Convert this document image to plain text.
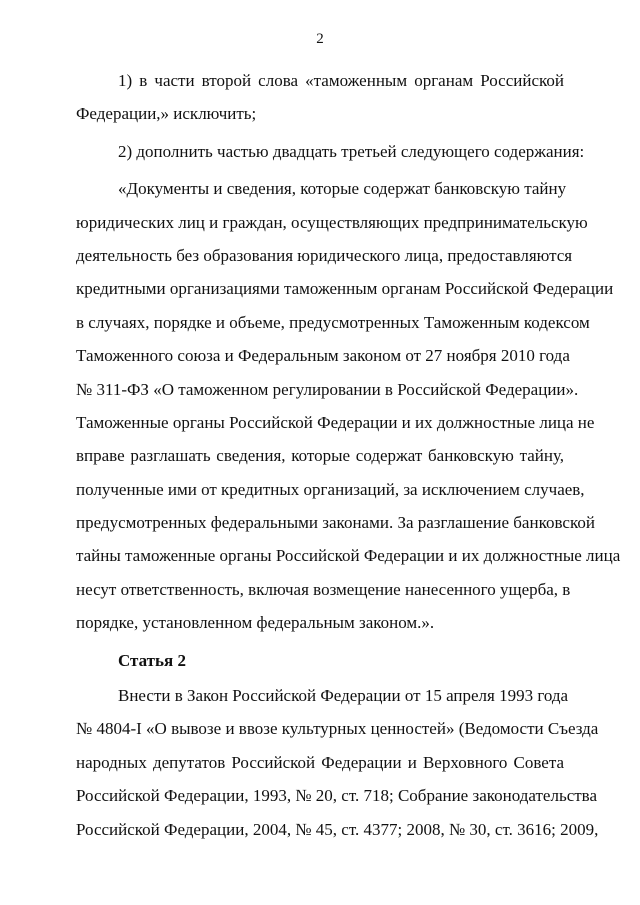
2
1) в части второй слова «таможенным органам Российской
Федерации,» исключить;
2) дополнить частью двадцать третьей следующего содержания:
«Документы и сведения, которые содержат банковскую тайну
юридических лиц и граждан, осуществляющих предпринимательскую
деятельность без образования юридического лица, предоставляются
кредитными организациями таможенным органам Российской Федерации
в случаях, порядке и объеме, предусмотренных Таможенным кодексом
Таможенного союза и Федеральным законом от 27 ноября 2010 года
№ 311-ФЗ «О таможенном регулировании в Российской Федерации».
Таможенные органы Российской Федерации и их должностные лица не
вправе разглашать сведения, которые содержат банковскую тайну,
полученные ими от кредитных организаций, за исключением случаев,
предусмотренных федеральными законами. За разглашение банковской
тайны таможенные органы Российской Федерации и их должностные лица
несут ответственность, включая возмещение нанесенного ущерба, в
порядке, установленном федеральным законом.».
Статья 2
Внести в Закон Российской Федерации от 15 апреля 1993 года
№ 4804-I «О вывозе и ввозе культурных ценностей» (Ведомости Съезда
народных депутатов Российской Федерации и Верховного Совета
Российской Федерации, 1993, № 20, ст. 718; Собрание законодательства
Российской Федерации, 2004, № 45, ст. 4377; 2008, № 30, ст. 3616; 2009,
